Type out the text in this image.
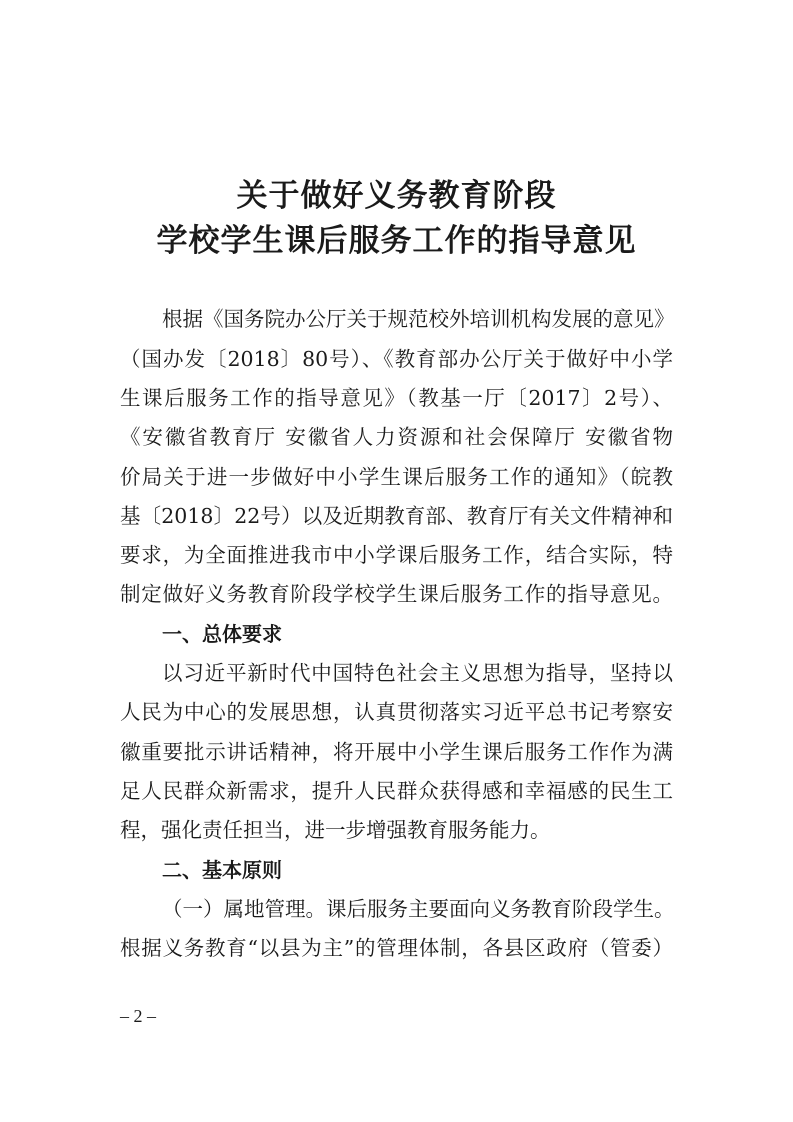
关于做好义务教育阶段
学校学生课后服务工作的指导意见
根据《国务院办公厅关于规范校外培训机构发展的意见》
（国办发〔2018〕80号）、《教育部办公厅关于做好中小学
生课后服务工作的指导意见》（教基一厅〔2017〕2号）、
《安徽省教育厅 安徽省人力资源和社会保障厅 安徽省物
价局关于进一步做好中小学生课后服务工作的通知》（皖教
基〔2018〕22号）以及近期教育部、教育厅有关文件精神和
要求，为全面推进我市中小学课后服务工作，结合实际，特
制定做好义务教育阶段学校学生课后服务工作的指导意见。
一、总体要求
以习近平新时代中国特色社会主义思想为指导，坚持以
人民为中心的发展思想，认真贯彻落实习近平总书记考察安
徽重要批示讲话精神，将开展中小学生课后服务工作作为满
足人民群众新需求，提升人民群众获得感和幸福感的民生工
程，强化责任担当，进一步增强教育服务能力。
二、基本原则
（一）属地管理。课后服务主要面向义务教育阶段学生。
根据义务教育“以县为主”的管理体制，各县区政府（管委）
– 2 –
